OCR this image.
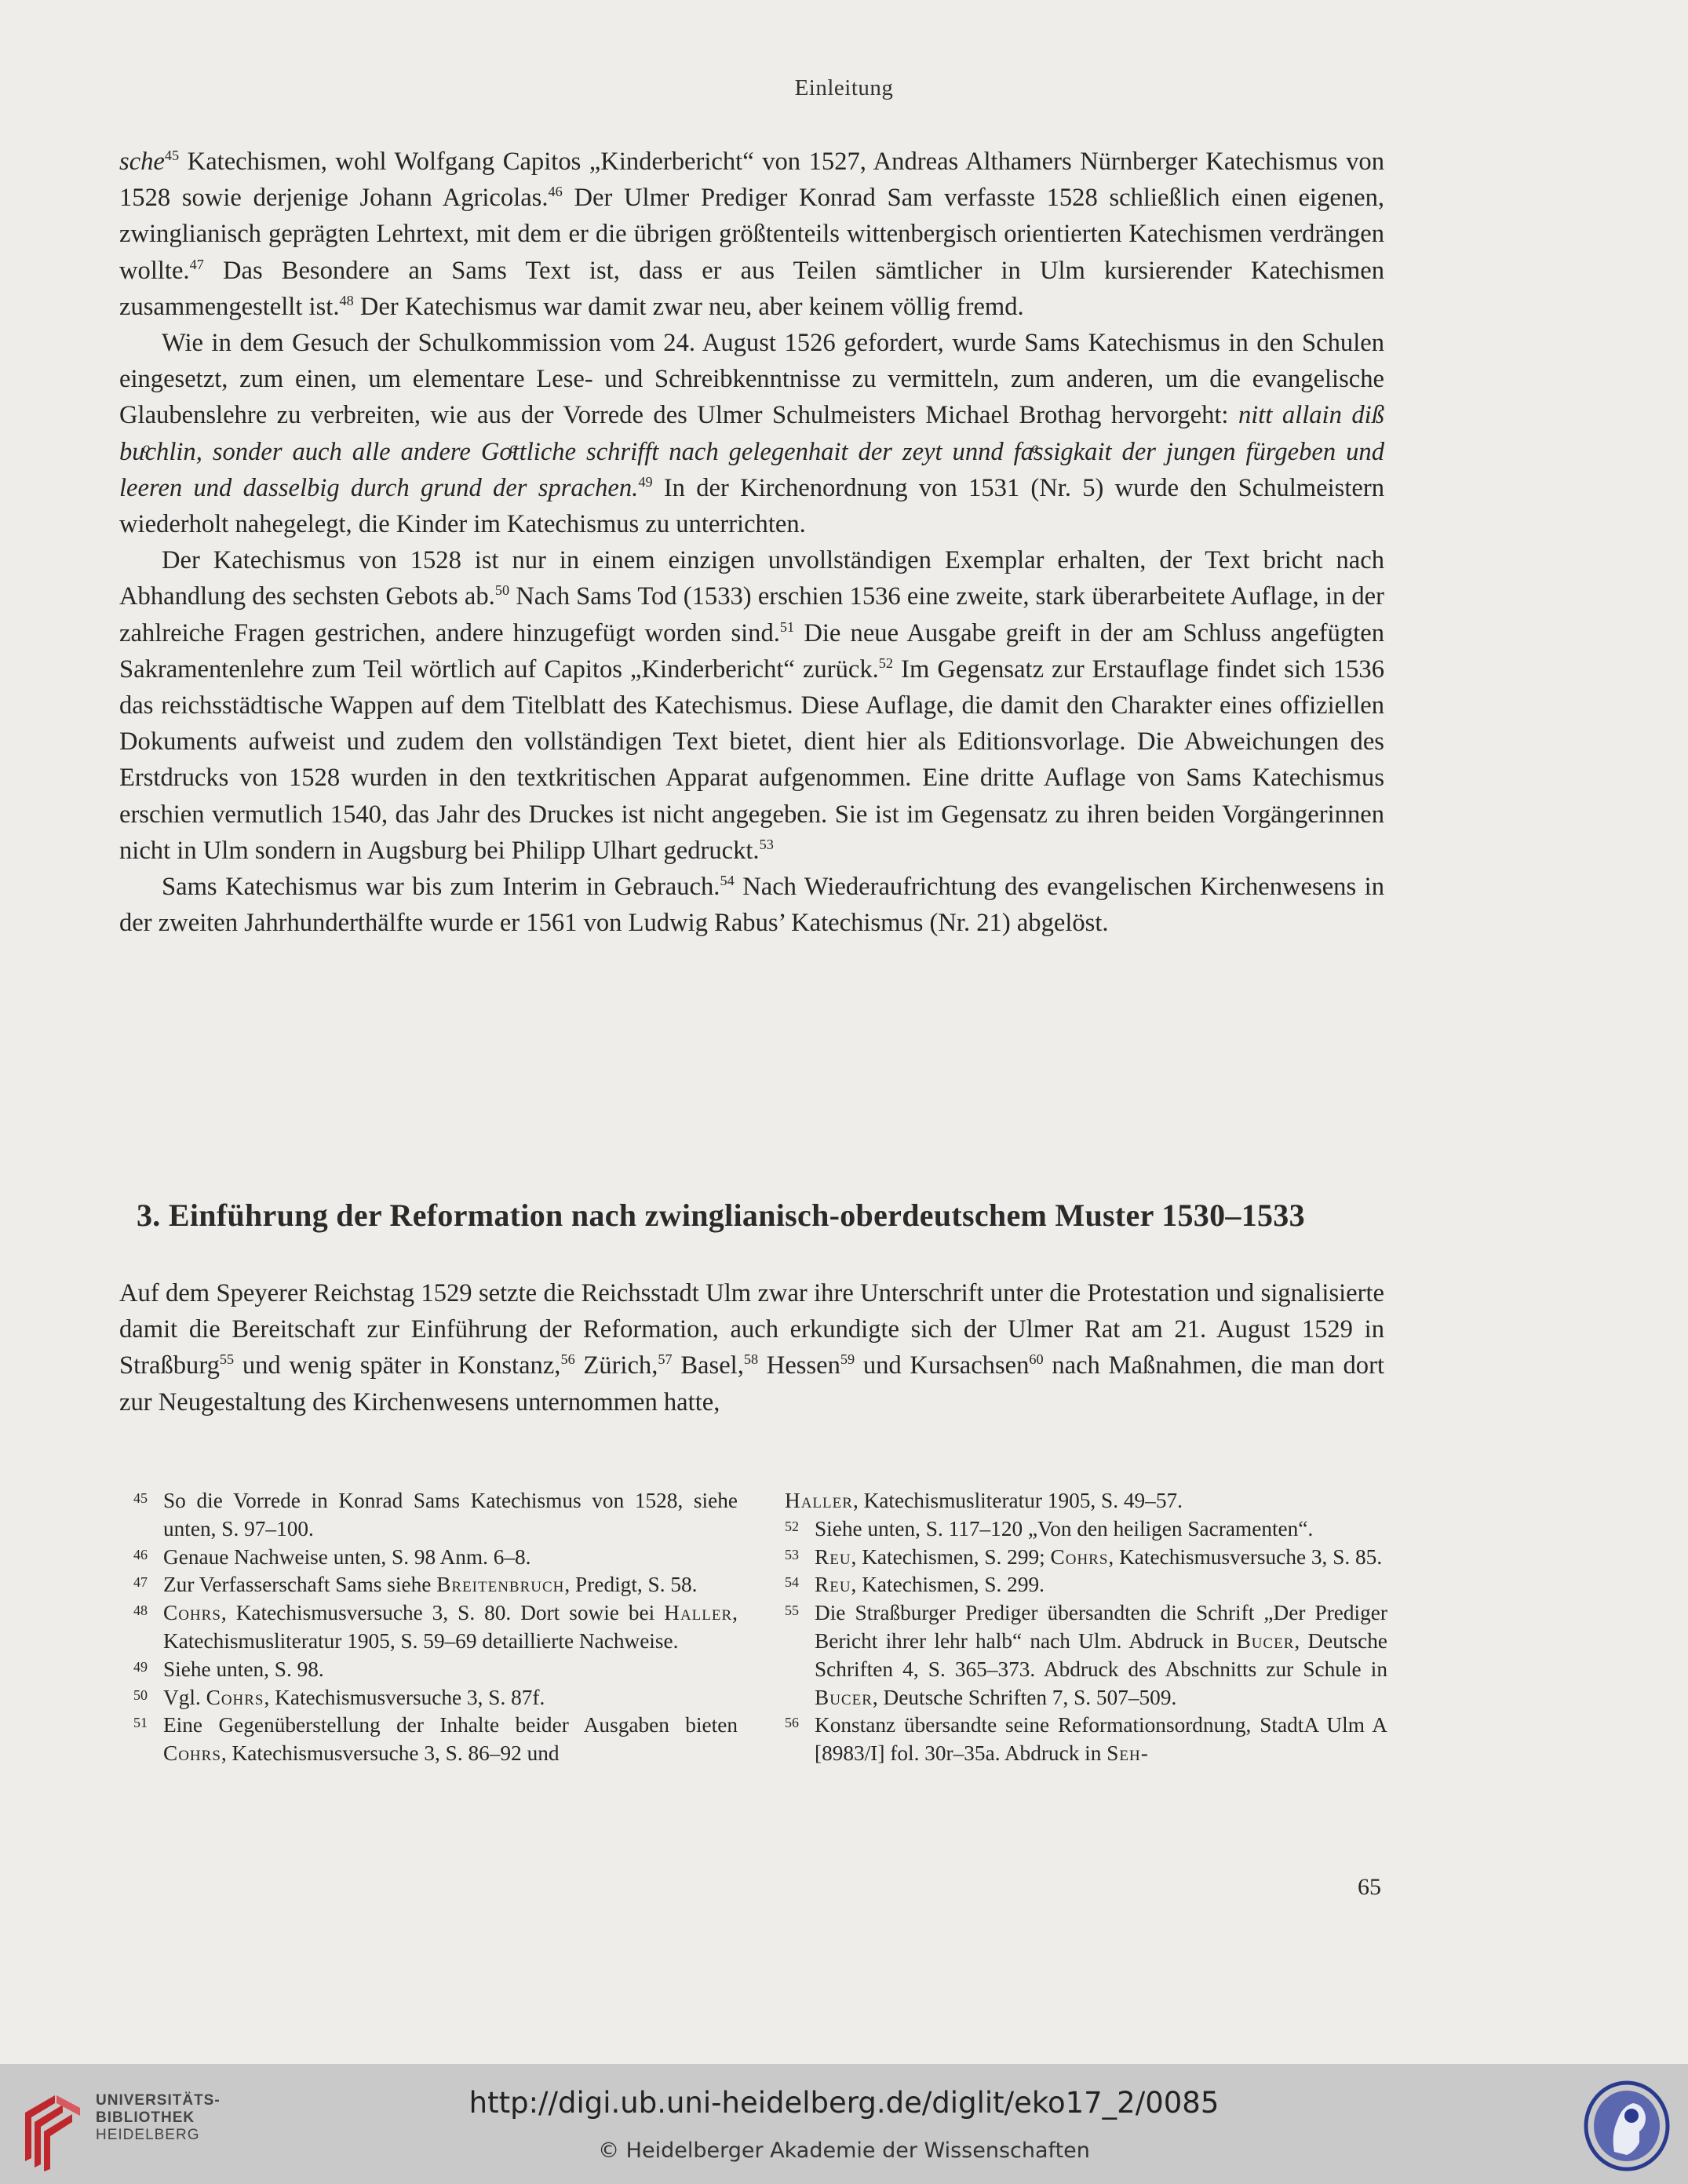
Einleitung

sche$^{45}$ Katechismen, wohl Wolfgang Capitos „Kinderbericht“ von 1527, Andreas Althamers Nürnberger Katechismus von 1528 sowie derjenige Johann Agricolas.$^{46}$ Der Ulmer Prediger Konrad Sam verfasste 1528 schließlich einen eigenen, zwinglianisch geprägten Lehrtext, mit dem er die übrigen größtenteils wittenbergisch orientierten Katechismen verdrängen wollte.$^{47}$ Das Besondere an Sams Text ist, dass er aus Teilen sämtlicher in Ulm kursierender Katechismen zusammengestellt ist.$^{48}$ Der Katechismus war damit zwar neu, aber keinem völlig fremd.

Wie in dem Gesuch der Schulkommission vom 24. August 1526 gefordert, wurde Sams Katechismus in den Schulen eingesetzt, zum einen, um elementare Lese- und Schreibkenntnisse zu vermitteln, zum anderen, um die evangelische Glaubenslehre zu verbreiten, wie aus der Vorrede des Ulmer Schulmeisters Michael Brothag hervorgeht: nitt allain diß buͦchlin, sonder auch alle andere Goͦttliche schrifft nach gelegenhait der zeyt unnd faͤssigkait der jungen fürgeben und leeren und dasselbig durch grund der sprachen.$^{49}$ In der Kirchenordnung von 1531 (Nr. 5) wurde den Schulmeistern wiederholt nahegelegt, die Kinder im Katechismus zu unterrichten.

Der Katechismus von 1528 ist nur in einem einzigen unvollständigen Exemplar erhalten, der Text bricht nach Abhandlung des sechsten Gebots ab.$^{50}$ Nach Sams Tod (1533) erschien 1536 eine zweite, stark überarbeitete Auflage, in der zahlreiche Fragen gestrichen, andere hinzugefügt worden sind.$^{51}$ Die neue Ausgabe greift in der am Schluss angefügten Sakramentenlehre zum Teil wörtlich auf Capitos „Kinderbericht“ zurück.$^{52}$ Im Gegensatz zur Erstauflage findet sich 1536 das reichsstädtische Wappen auf dem Titelblatt des Katechismus. Diese Auflage, die damit den Charakter eines offiziellen Dokuments aufweist und zudem den vollständigen Text bietet, dient hier als Editionsvorlage. Die Abweichungen des Erstdrucks von 1528 wurden in den textkritischen Apparat aufgenommen. Eine dritte Auflage von Sams Katechismus erschien vermutlich 1540, das Jahr des Druckes ist nicht angegeben. Sie ist im Gegensatz zu ihren beiden Vorgängerinnen nicht in Ulm sondern in Augsburg bei Philipp Ulhart gedruckt.$^{53}$

Sams Katechismus war bis zum Interim in Gebrauch.$^{54}$ Nach Wiederaufrichtung des evangelischen Kirchenwesens in der zweiten Jahrhunderthälfte wurde er 1561 von Ludwig Rabus’ Katechismus (Nr. 21) abgelöst.

3. Einführung der Reformation nach zwinglianisch-oberdeutschem Muster 1530–1533

Auf dem Speyerer Reichstag 1529 setzte die Reichsstadt Ulm zwar ihre Unterschrift unter die Protestation und signalisierte damit die Bereitschaft zur Einführung der Reformation, auch erkundigte sich der Ulmer Rat am 21. August 1529 in Straßburg$^{55}$ und wenig später in Konstanz,$^{56}$ Zürich,$^{57}$ Basel,$^{58}$ Hessen$^{59}$ und Kursachsen$^{60}$ nach Maßnahmen, die man dort zur Neugestaltung des Kirchenwesens unternommen hatte,

45 So die Vorrede in Konrad Sams Katechismus von 1528, siehe unten, S. 97–100.
46 Genaue Nachweise unten, S. 98 Anm. 6–8.
47 Zur Verfasserschaft Sams siehe Breitenbruch, Predigt, S. 58.
48 Cohrs, Katechismusversuche 3, S. 80. Dort sowie bei Haller, Katechismusliteratur 1905, S. 59–69 detaillierte Nachweise.
49 Siehe unten, S. 98.
50 Vgl. Cohrs, Katechismusversuche 3, S. 87f.
51 Eine Gegenüberstellung der Inhalte beider Ausgaben bieten Cohrs, Katechismusversuche 3, S. 86–92 und
Haller, Katechismusliteratur 1905, S. 49–57.
52 Siehe unten, S. 117–120 „Von den heiligen Sacramenten“.
53 Reu, Katechismen, S. 299; Cohrs, Katechismusversuche 3, S. 85.
54 Reu, Katechismen, S. 299.
55 Die Straßburger Prediger übersandten die Schrift „Der Prediger Bericht ihrer lehr halb“ nach Ulm. Abdruck in Bucer, Deutsche Schriften 4, S. 365–373. Abdruck des Abschnitts zur Schule in Bucer, Deutsche Schriften 7, S. 507–509.
56 Konstanz übersandte seine Reformationsordnung, StadtA Ulm A [8983/I] fol. 30r–35a. Abdruck in Seh-
65
UNIVERSITÄTS-
BIBLIOTHEK
HEIDELBERG
http://digi.ub.uni-heidelberg.de/diglit/eko17_2/0085
© Heidelberger Akademie der Wissenschaften
